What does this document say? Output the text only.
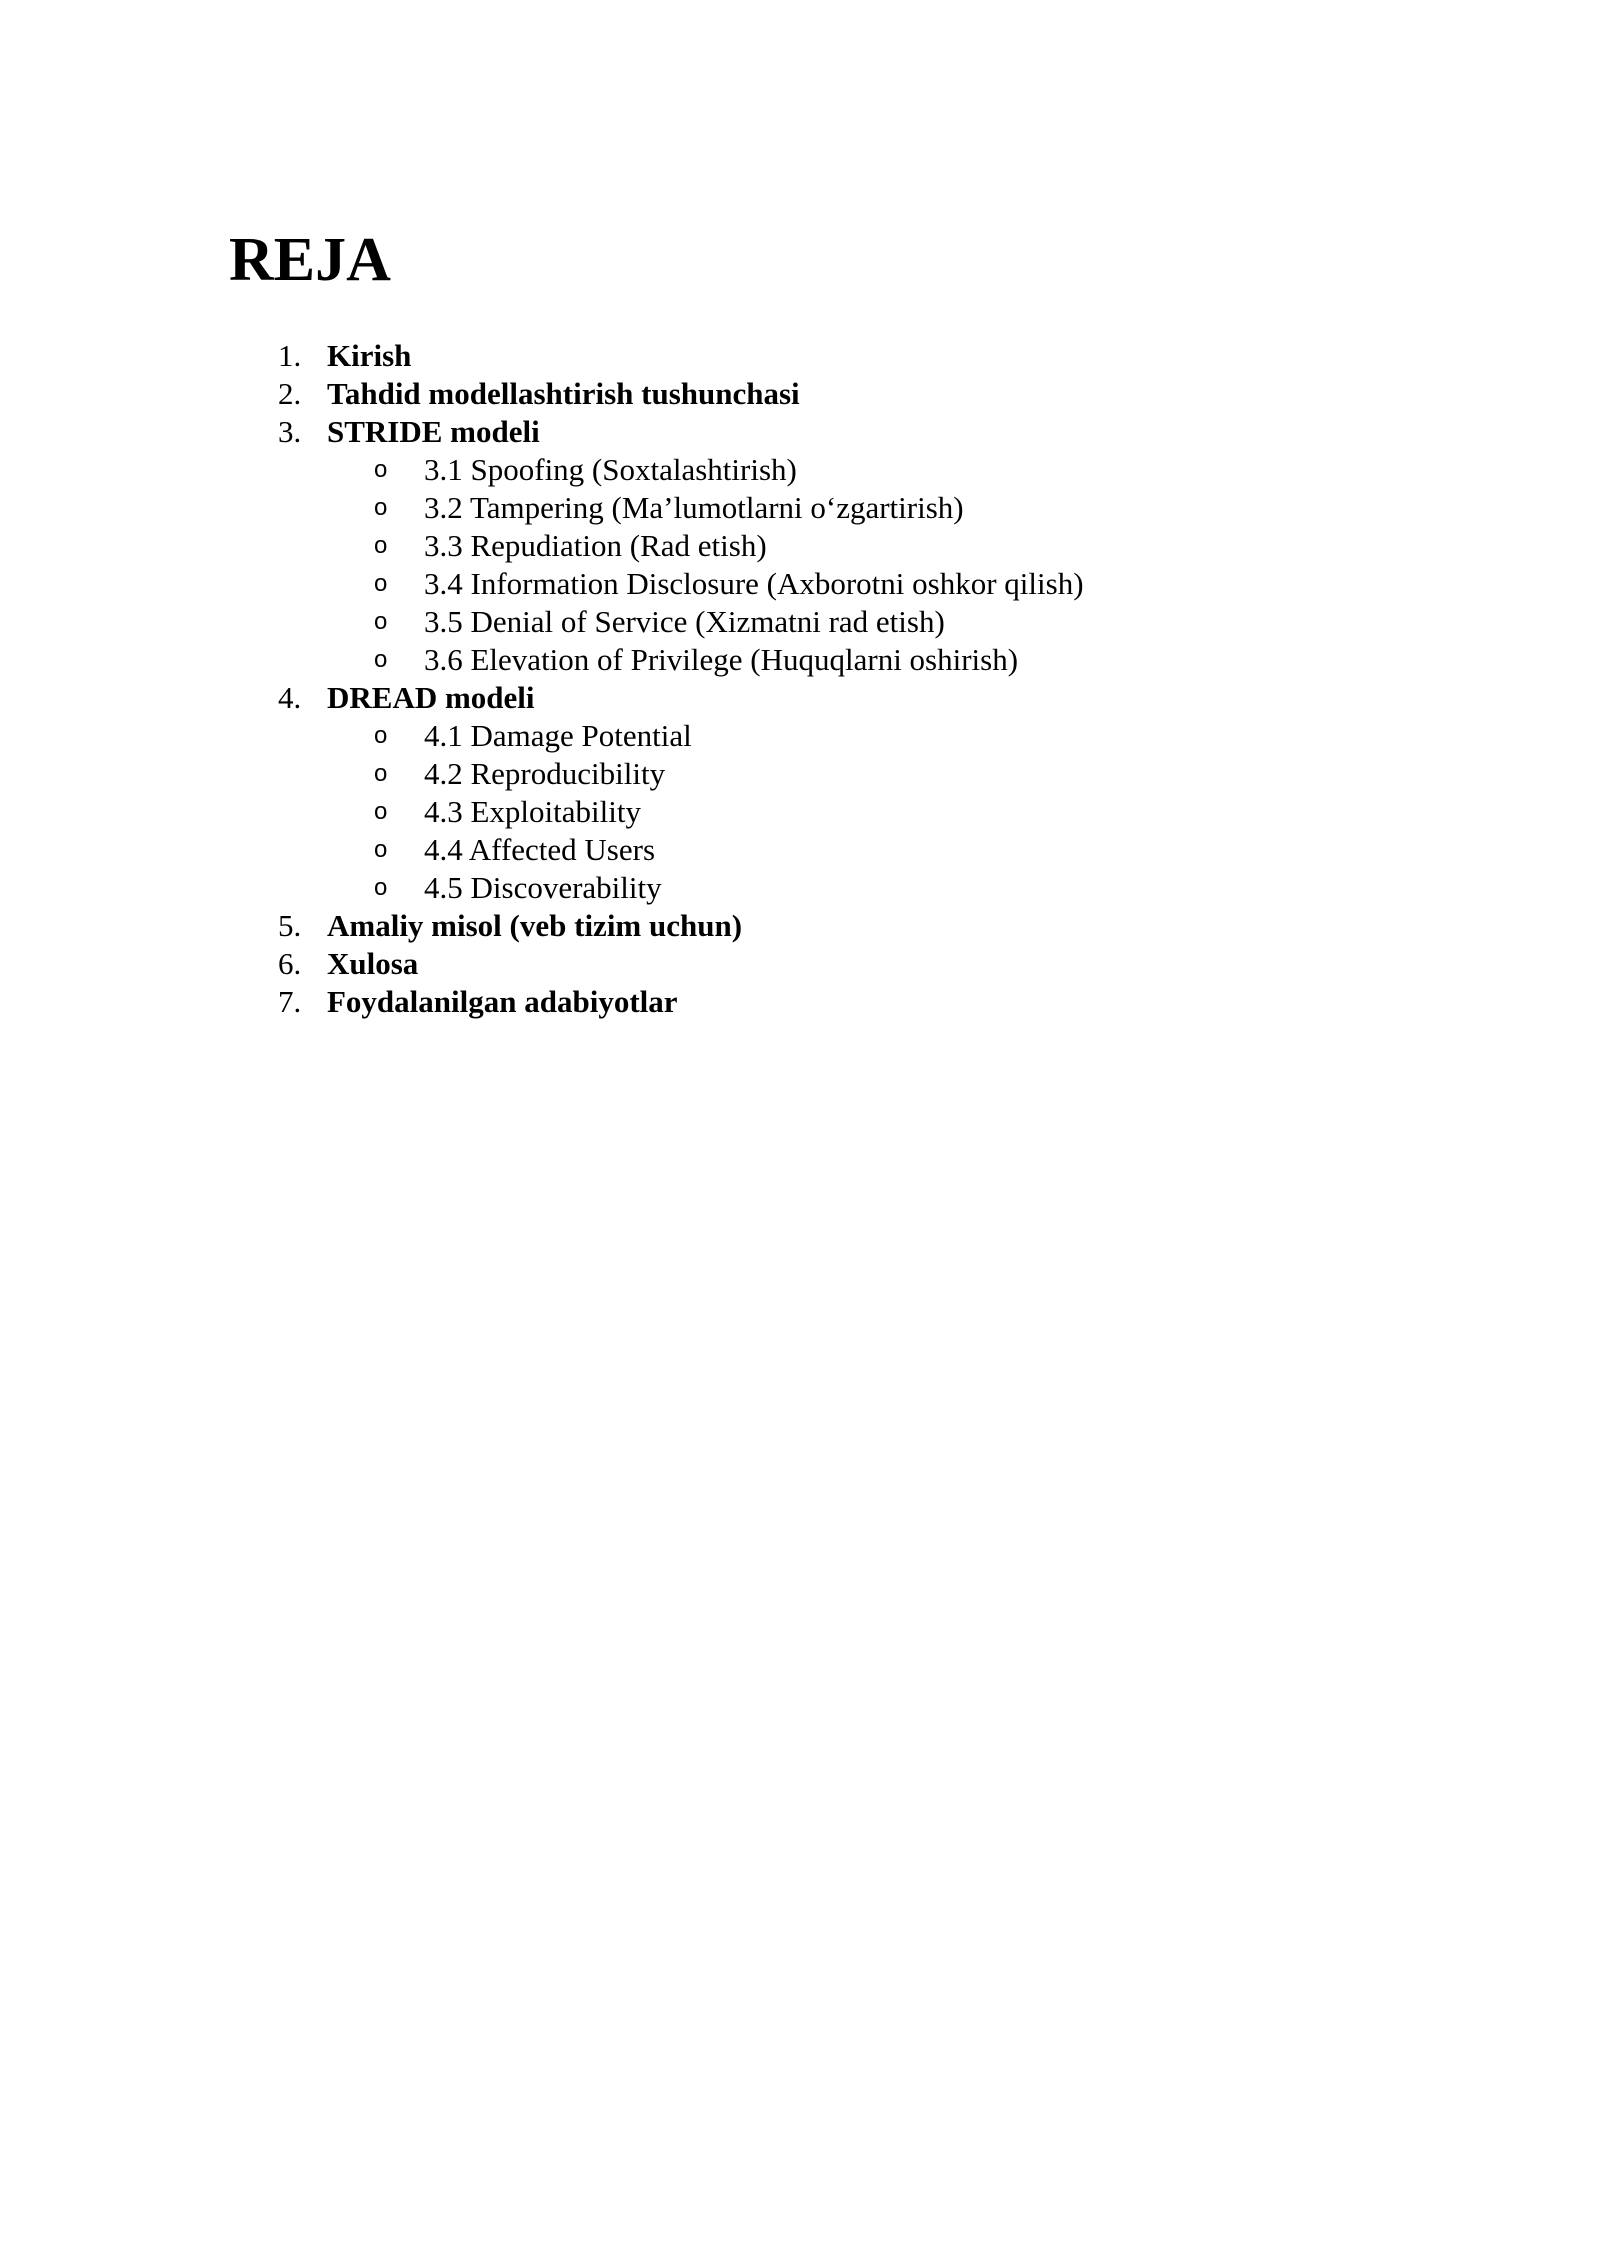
REJA
1. Kirish
2. Tahdid modellashtirish tushunchasi
3. STRIDE modeli
o 3.1 Spoofing (Soxtalashtirish)
o 3.2 Tampering (Ma’lumotlarni o‘zgartirish)
o 3.3 Repudiation (Rad etish)
o 3.4 Information Disclosure (Axborotni oshkor qilish)
o 3.5 Denial of Service (Xizmatni rad etish)
o 3.6 Elevation of Privilege (Huquqlarni oshirish)
4. DREAD modeli
o 4.1 Damage Potential
o 4.2 Reproducibility
o 4.3 Exploitability
o 4.4 Affected Users
o 4.5 Discoverability
5. Amaliy misol (veb tizim uchun)
6. Xulosa
7. Foydalanilgan adabiyotlar
